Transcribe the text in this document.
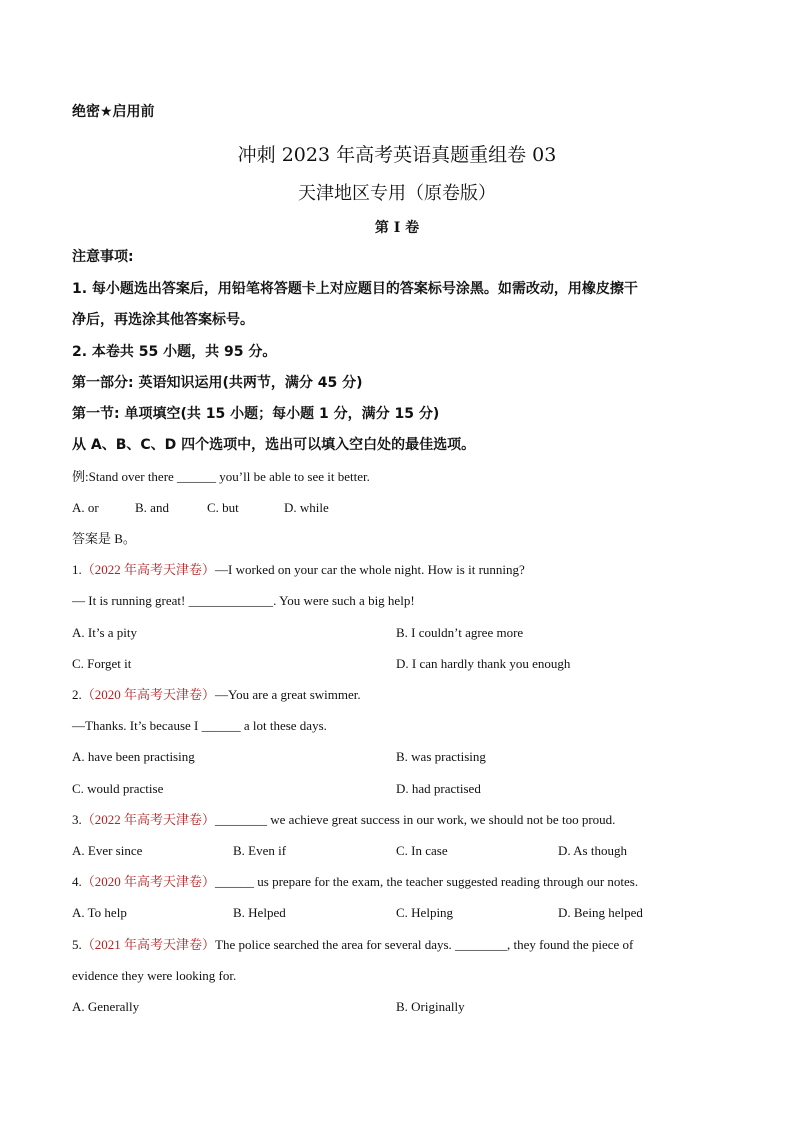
绝密★启用前
冲刺 2023 年高考英语真题重组卷 03
天津地区专用（原卷版）
第 I 卷
注意事项:
1. 每小题选出答案后，用铅笔将答题卡上对应题目的答案标号涂黑。如需改动，用橡皮擦干
净后，再选涂其他答案标号。
2. 本卷共 55 小题，共 95 分。
第一部分: 英语知识运用(共两节，满分 45 分)
第一节: 单项填空(共 15 小题；每小题 1 分，满分 15 分)
从 A、B、C、D 四个选项中，选出可以填入空白处的最佳选项。
例:Stand over there ______ you’ll be able to see it better.
A. or	B. and	C. but	D. while
答案是 B。
1.（2022 年高考天津卷）—I worked on your car the whole night. How is it running?
— It is running great! _____________. You were such a big help!
A. It’s a pity	B. I couldn’t agree more
C. Forget it	D. I can hardly thank you enough
2.（2020 年高考天津卷）—You are a great swimmer.
—Thanks. It’s because I ______ a lot these days.
A. have been practising	B. was practising
C. would practise	D. had practised
3.（2022 年高考天津卷）________ we achieve great success in our work, we should not be too proud.
A. Ever since	B. Even if	C. In case	D. As though
4.（2020 年高考天津卷）______ us prepare for the exam, the teacher suggested reading through our notes.
A. To help	B. Helped	C. Helping	D. Being helped
5.（2021 年高考天津卷）The police searched the area for several days. ________, they found the piece of
evidence they were looking for.
A. Generally	B. Originally
